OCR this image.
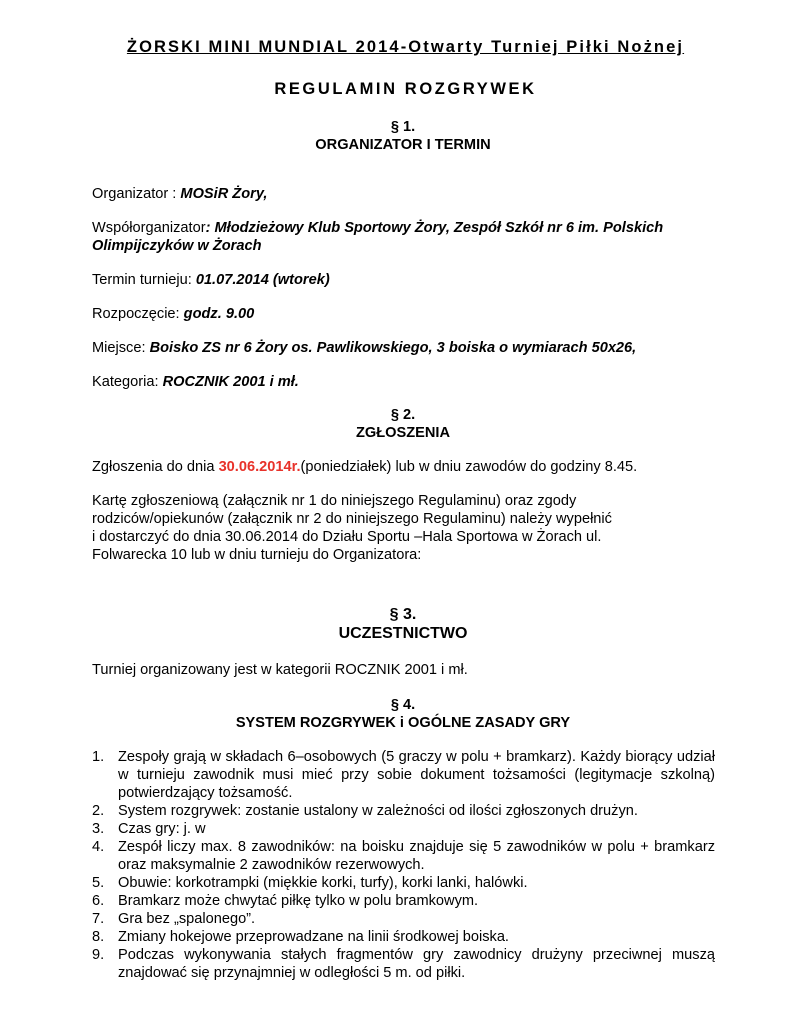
ŻORSKI MINI MUNDIAL 2014-Otwarty Turniej Piłki Nożnej
REGULAMIN ROZGRYWEK
§ 1.
ORGANIZATOR I TERMIN
Organizator : MOSiR Żory,
Współorganizator: Młodzieżowy Klub Sportowy Żory, Zespół Szkół nr 6 im. Polskich
Olimpijczyków w Żorach
Termin turnieju: 01.07.2014 (wtorek)
Rozpoczęcie: godz. 9.00
Miejsce: Boisko ZS nr 6 Żory os. Pawlikowskiego, 3 boiska o wymiarach 50x26,
Kategoria: ROCZNIK 2001 i mł.
§ 2.
ZGŁOSZENIA
Zgłoszenia do dnia 30.06.2014r.(poniedziałek) lub w dniu zawodów do godziny 8.45.
Kartę zgłoszeniową (załącznik nr 1 do niniejszego Regulaminu) oraz zgody
rodziców/opiekunów (załącznik nr 2 do niniejszego Regulaminu) należy wypełnić
i dostarczyć do dnia 30.06.2014 do Działu Sportu –Hala Sportowa w Żorach ul.
Folwarecka 10 lub w dniu turnieju do Organizatora:
§ 3.
UCZESTNICTWO
Turniej organizowany jest w kategorii ROCZNIK 2001 i mł.
§ 4.
SYSTEM ROZGRYWEK i OGÓLNE ZASADY GRY
1. Zespoły grają w składach 6–osobowych (5 graczy w polu + bramkarz). Każdy biorący udział w turnieju zawodnik musi mieć przy sobie dokument tożsamości (legitymacje szkolną) potwierdzający tożsamość.
2. System rozgrywek: zostanie ustalony w zależności od ilości zgłoszonych drużyn.
3. Czas gry: j. w
4. Zespół liczy max. 8 zawodników: na boisku znajduje się 5 zawodników w polu + bramkarz oraz maksymalnie 2 zawodników rezerwowych.
5. Obuwie: korkotrampki (miękkie korki, turfy), korki lanki, halówki.
6. Bramkarz może chwytać piłkę tylko w polu bramkowym.
7. Gra bez „spalonego”.
8. Zmiany hokejowe przeprowadzane na linii środkowej boiska.
9. Podczas wykonywania stałych fragmentów gry zawodnicy drużyny przeciwnej muszą znajdować się przynajmniej w odległości 5 m. od piłki.
